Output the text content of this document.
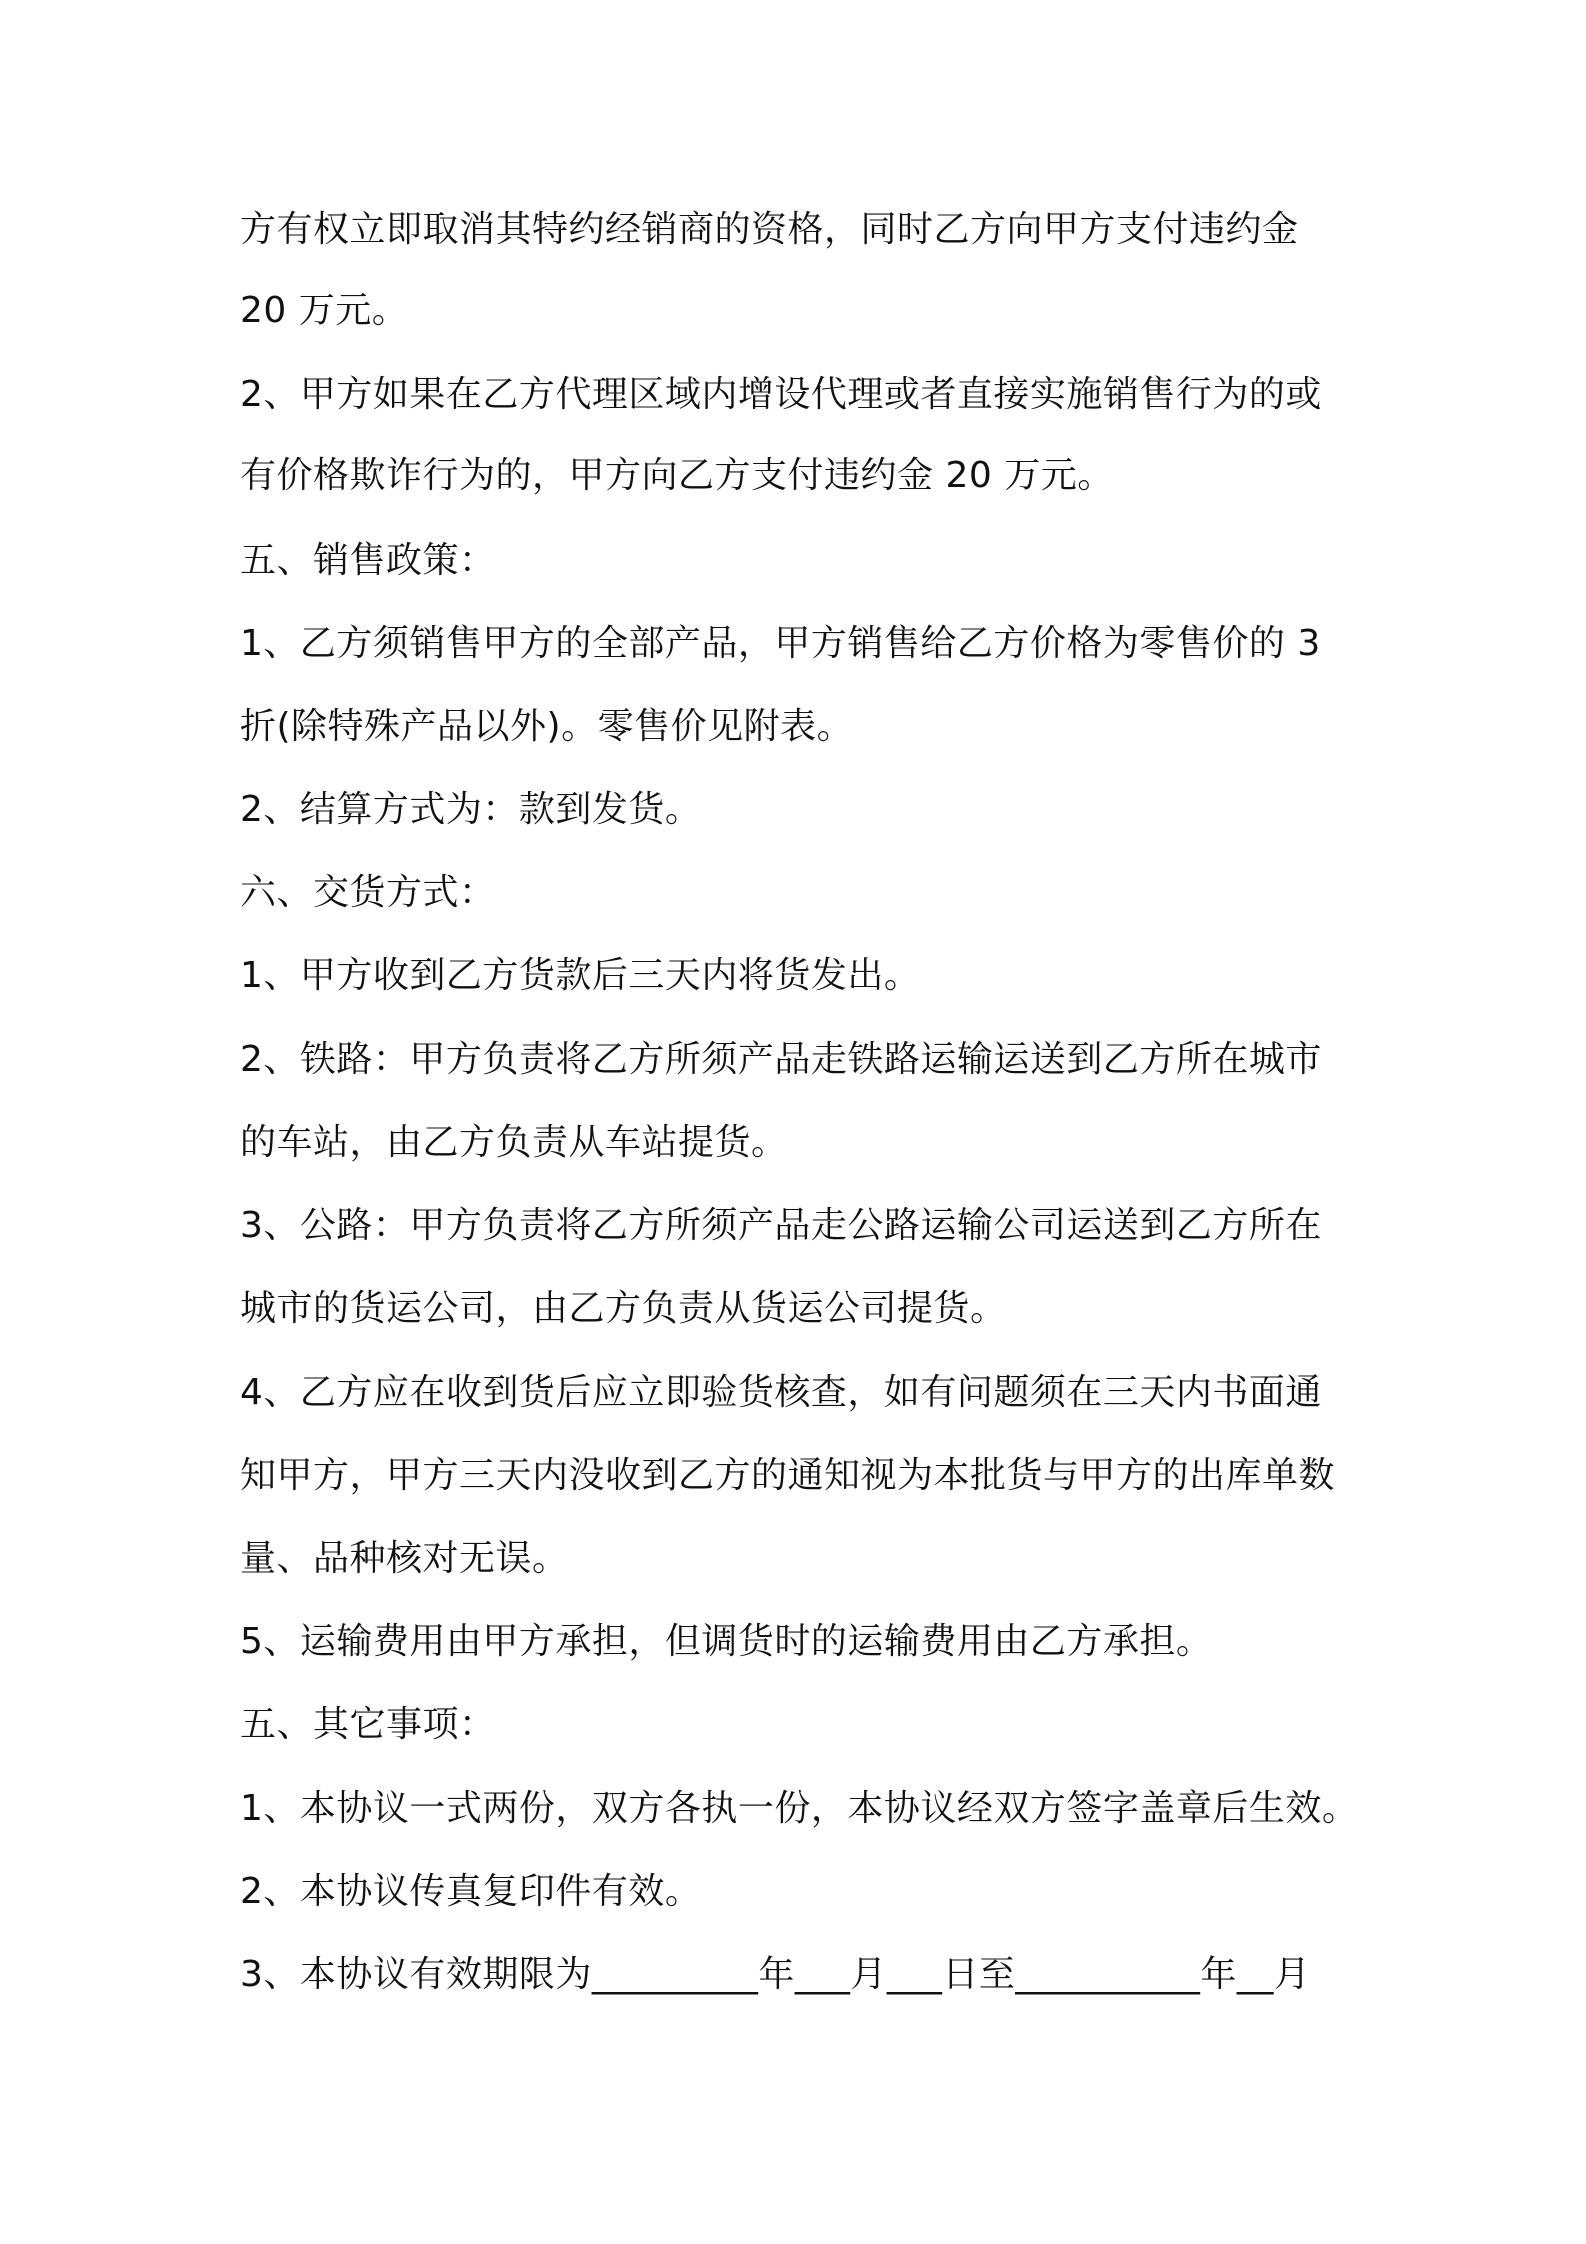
方有权立即取消其特约经销商的资格，同时乙方向甲方支付违约金
20 万元。
2、甲方如果在乙方代理区域内增设代理或者直接实施销售行为的或
有价格欺诈行为的，甲方向乙方支付违约金 20 万元。
五、销售政策：
1、乙方须销售甲方的全部产品，甲方销售给乙方价格为零售价的 3
折(除特殊产品以外)。零售价见附表。
2、结算方式为：款到发货。
六、交货方式：
1、甲方收到乙方货款后三天内将货发出。
2、铁路：甲方负责将乙方所须产品走铁路运输运送到乙方所在城市
的车站，由乙方负责从车站提货。
3、公路：甲方负责将乙方所须产品走公路运输公司运送到乙方所在
城市的货运公司，由乙方负责从货运公司提货。
4、乙方应在收到货后应立即验货核查，如有问题须在三天内书面通
知甲方，甲方三天内没收到乙方的通知视为本批货与甲方的出库单数
量、品种核对无误。
5、运输费用由甲方承担，但调货时的运输费用由乙方承担。
五、其它事项：
1、本协议一式两份，双方各执一份，本协议经双方签字盖章后生效。
2、本协议传真复印件有效。
3、本协议有效期限为_________年___月___日至__________年__月
